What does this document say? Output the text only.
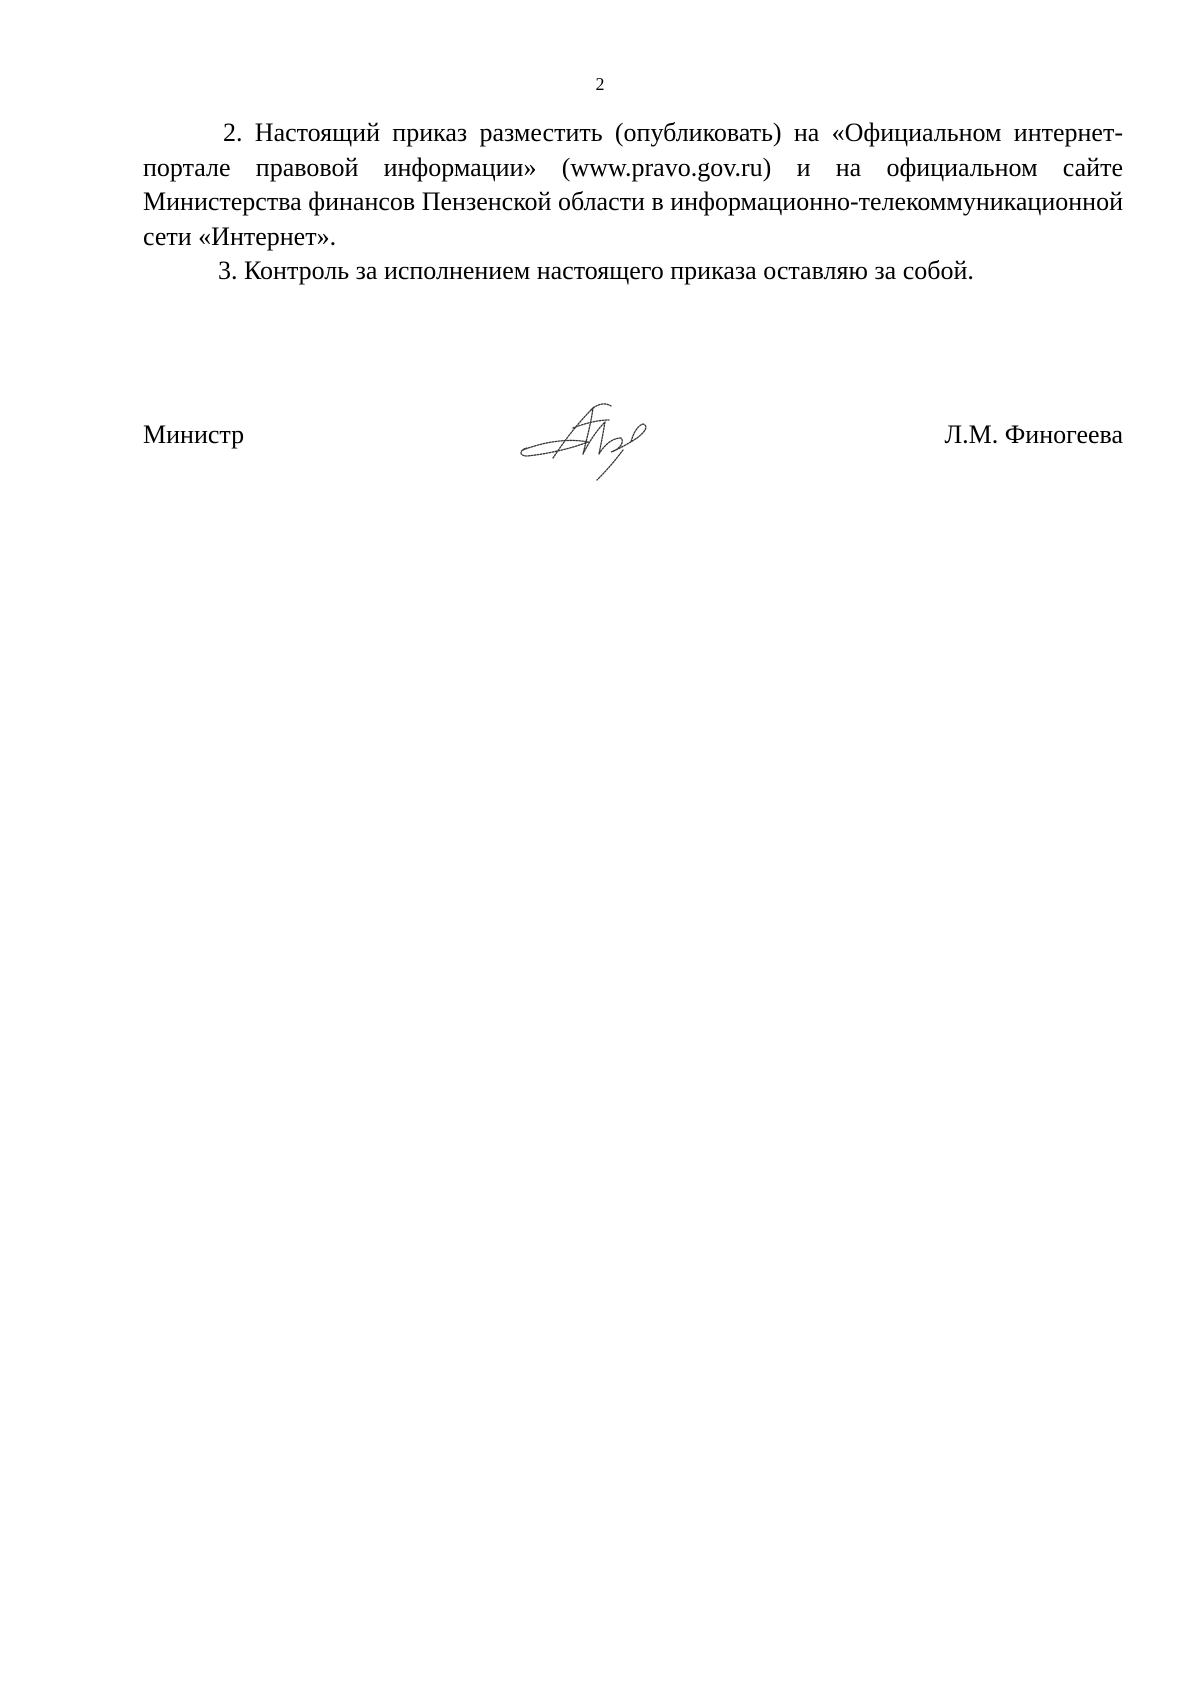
2

2. Настоящий приказ разместить (опубликовать) на «Официальном интернет-портале правовой информации» (www.pravo.gov.ru) и на официальном сайте Министерства финансов Пензенской области в информационно-телекоммуникационной сети «Интернет».

3. Контроль за исполнением настоящего приказа оставляю за собой.

Министр	Л.М. Финогеева
